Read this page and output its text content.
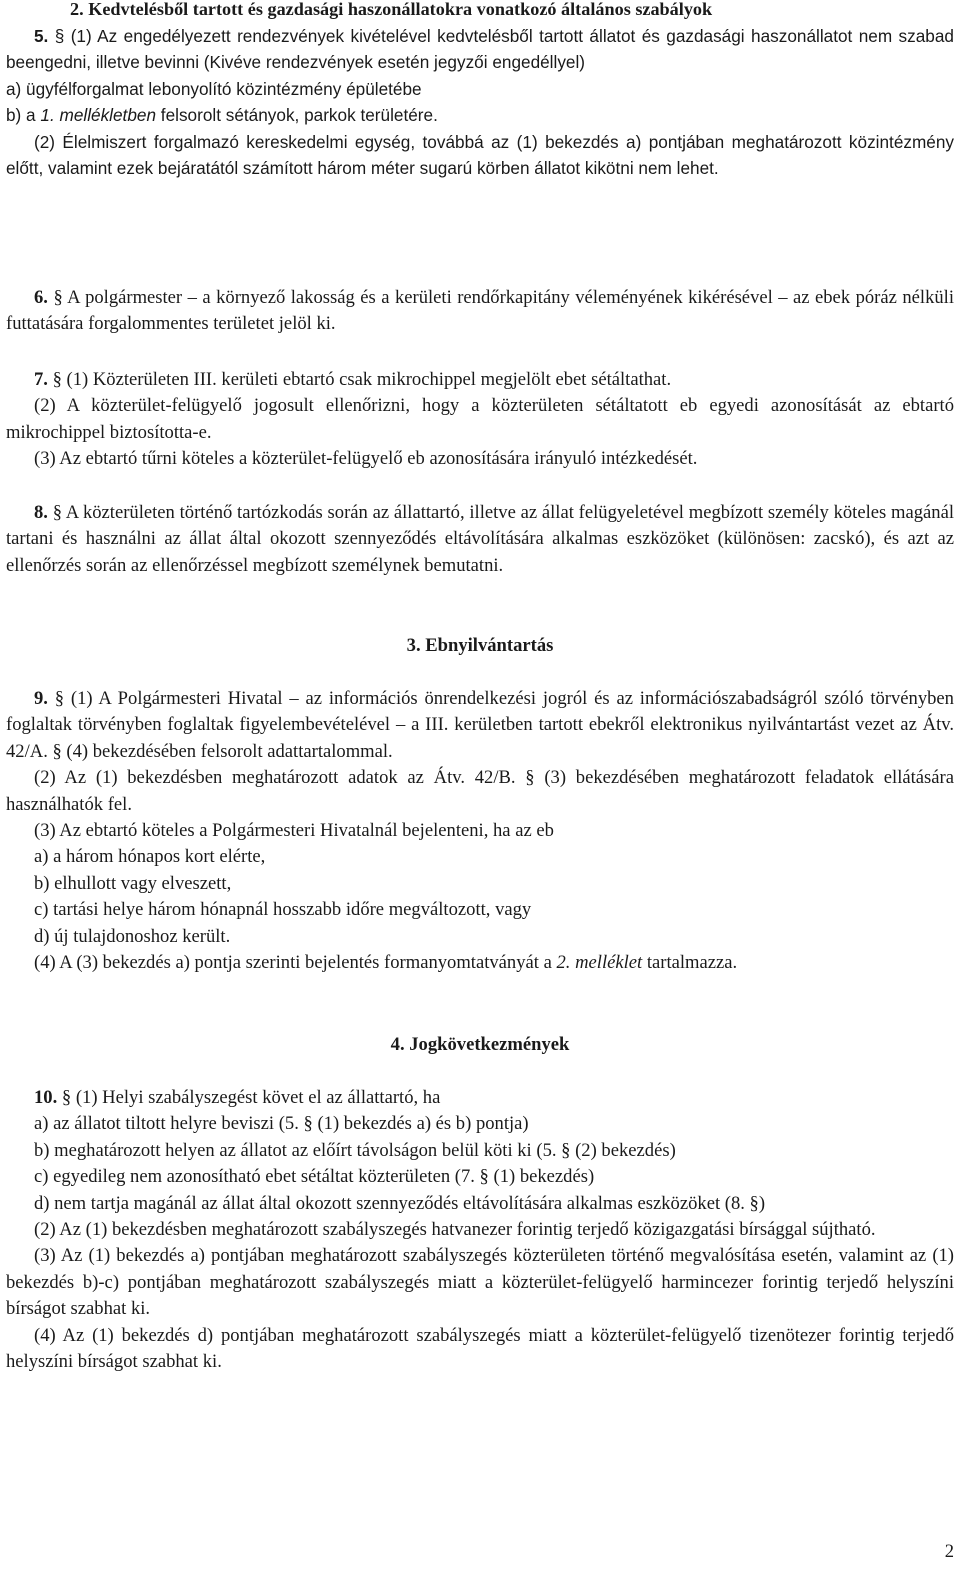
2. Kedvtelésből tartott és gazdasági haszonállatokra vonatkozó általános szabályok

5. § (1) Az engedélyezett rendezvények kivételével kedvtelésből tartott állatot és gazdasági haszonállatot nem szabad beengedni, illetve bevinni (Kivéve rendezvények esetén jegyzői engedéllyel)

a) ügyfélforgalmat lebonyolító közintézmény épületébe

b) a 1. mellékletben felsorolt sétányok, parkok területére.

(2) Élelmiszert forgalmazó kereskedelmi egység, továbbá az (1) bekezdés a) pontjában meghatározott közintézmény előtt, valamint ezek bejáratától számított három méter sugarú körben állatot kikötni nem lehet.

6. § A polgármester – a környező lakosság és a kerületi rendőrkapitány véleményének kikérésével – az ebek póráz nélküli futtatására forgalommentes területet jelöl ki.

7. § (1) Közterületen III. kerületi ebtartó csak mikrochippel megjelölt ebet sétáltathat.

(2) A közterület-felügyelő jogosult ellenőrizni, hogy a közterületen sétáltatott eb egyedi azonosítását az ebtartó mikrochippel biztosította-e.

(3) Az ebtartó tűrni köteles a közterület-felügyelő eb azonosítására irányuló intézkedését.

8. § A közterületen történő tartózkodás során az állattartó, illetve az állat felügyeletével megbízott személy köteles magánál tartani és használni az állat által okozott szennyeződés eltávolítására alkalmas eszközöket (különösen: zacskó), és azt az ellenőrzés során az ellenőrzéssel megbízott személynek bemutatni.

3. Ebnyilvántartás

9. § (1) A Polgármesteri Hivatal – az információs önrendelkezési jogról és az információszabadságról szóló törvényben foglaltak törvényben foglaltak figyelembevételével – a III. kerületben tartott ebekről elektronikus nyilvántartást vezet az Átv. 42/A. § (4) bekezdésében felsorolt adattartalommal.

(2) Az (1) bekezdésben meghatározott adatok az Átv. 42/B. § (3) bekezdésében meghatározott feladatok ellátására használhatók fel.

(3) Az ebtartó köteles a Polgármesteri Hivatalnál bejelenteni, ha az eb

a) a három hónapos kort elérte,

b) elhullott vagy elveszett,

c) tartási helye három hónapnál hosszabb időre megváltozott, vagy

d) új tulajdonoshoz került.

(4) A (3) bekezdés a) pontja szerinti bejelentés formanyomtatványát a 2. melléklet tartalmazza.

4. Jogkövetkezmények

10. § (1) Helyi szabályszegést követ el az állattartó, ha

a) az állatot tiltott helyre beviszi (5. § (1) bekezdés a) és b) pontja)

b) meghatározott helyen az állatot az előírt távolságon belül köti ki (5. § (2) bekezdés)

c) egyedileg nem azonosítható ebet sétáltat közterületen (7. § (1) bekezdés)

d) nem tartja magánál az állat által okozott szennyeződés eltávolítására alkalmas eszközöket (8. §)

(2) Az (1) bekezdésben meghatározott szabályszegés hatvanezer forintig terjedő közigazgatási bírsággal sújtható.

(3) Az (1) bekezdés a) pontjában meghatározott szabályszegés közterületen történő megvalósítása esetén, valamint az (1) bekezdés b)-c) pontjában meghatározott szabályszegés miatt a közterület-felügyelő harmincezer forintig terjedő helyszíni bírságot szabhat ki.

(4) Az (1) bekezdés d) pontjában meghatározott szabályszegés miatt a közterület-felügyelő tizenötezer forintig terjedő helyszíni bírságot szabhat ki.

2
